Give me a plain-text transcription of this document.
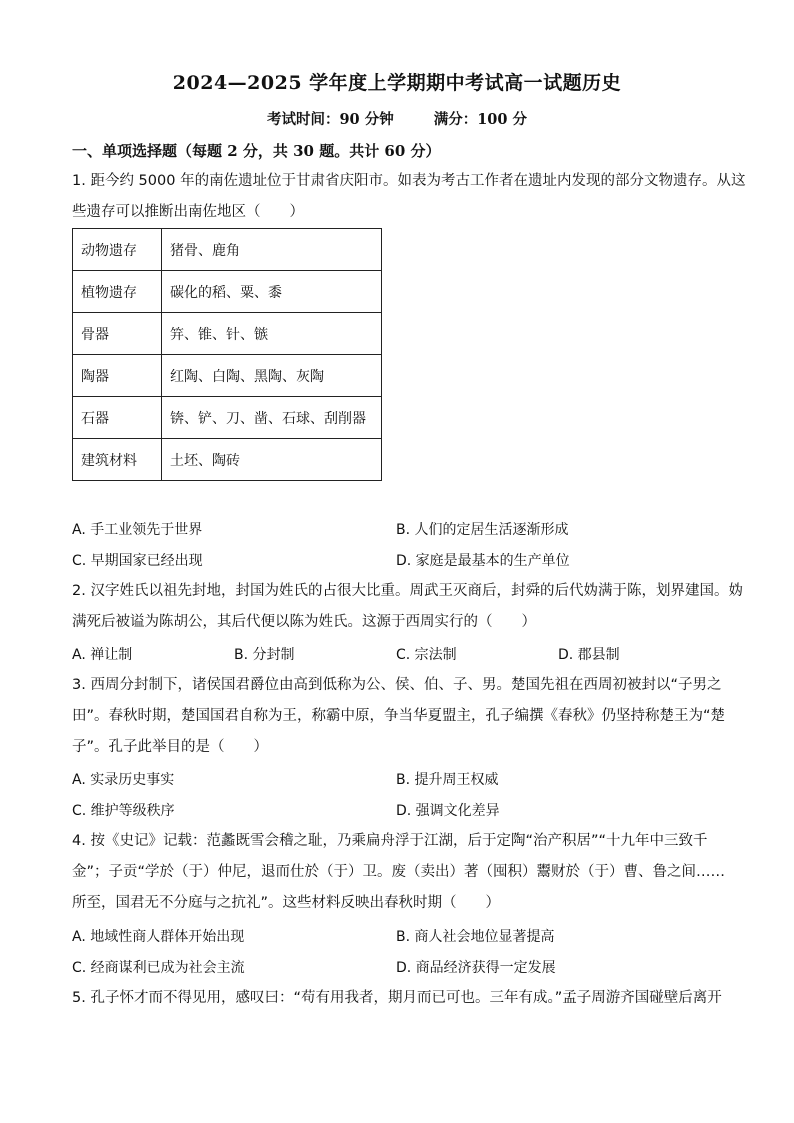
2024—2025 学年度上学期期中考试高一试题历史
考试时间：90 分钟	满分：100 分
一、单项选择题（每题 2 分，共 30 题。共计 60 分）
1. 距今约 5000 年的南佐遗址位于甘肃省庆阳市。如表为考古工作者在遗址内发现的部分文物遗存。从这
些遗存可以推断出南佐地区（　　）
动物遗存	猪骨、鹿角
植物遗存	碳化的稻、粟、黍
骨器	笄、锥、针、镞
陶器	红陶、白陶、黑陶、灰陶
石器	锛、铲、刀、凿、石球、刮削器
建筑材料	土坯、陶砖
A. 手工业领先于世界	B. 人们的定居生活逐渐形成
C. 早期国家已经出现	D. 家庭是最基本的生产单位
2. 汉字姓氏以祖先封地，封国为姓氏的占很大比重。周武王灭商后，封舜的后代妫满于陈，划界建国。妫
满死后被谥为陈胡公，其后代便以陈为姓氏。这源于西周实行的（　　）
A. 禅让制	B. 分封制	C. 宗法制	D. 郡县制
3. 西周分封制下，诸侯国君爵位由高到低称为公、侯、伯、子、男。楚国先祖在西周初被封以“子男之
田”。春秋时期，楚国国君自称为王，称霸中原，争当华夏盟主，孔子编撰《春秋》仍坚持称楚王为“楚
子”。孔子此举目的是（　　）
A. 实录历史事实	B. 提升周王权威
C. 维护等级秩序	D. 强调文化差异
4. 按《史记》记载：范蠡既雪会稽之耻，乃乘扁舟浮于江湖，后于定陶“治产积居”“十九年中三致千
金”；子贡“学於（于）仲尼，退而仕於（于）卫。废（卖出）著（囤积）鬻财於（于）曹、鲁之间……
所至，国君无不分庭与之抗礼”。这些材料反映出春秋时期（　　）
A. 地域性商人群体开始出现	B. 商人社会地位显著提高
C. 经商谋利已成为社会主流	D. 商品经济获得一定发展
5. 孔子怀才而不得见用，感叹曰：“苟有用我者，期月而已可也。三年有成。”孟子周游齐国碰壁后离开
